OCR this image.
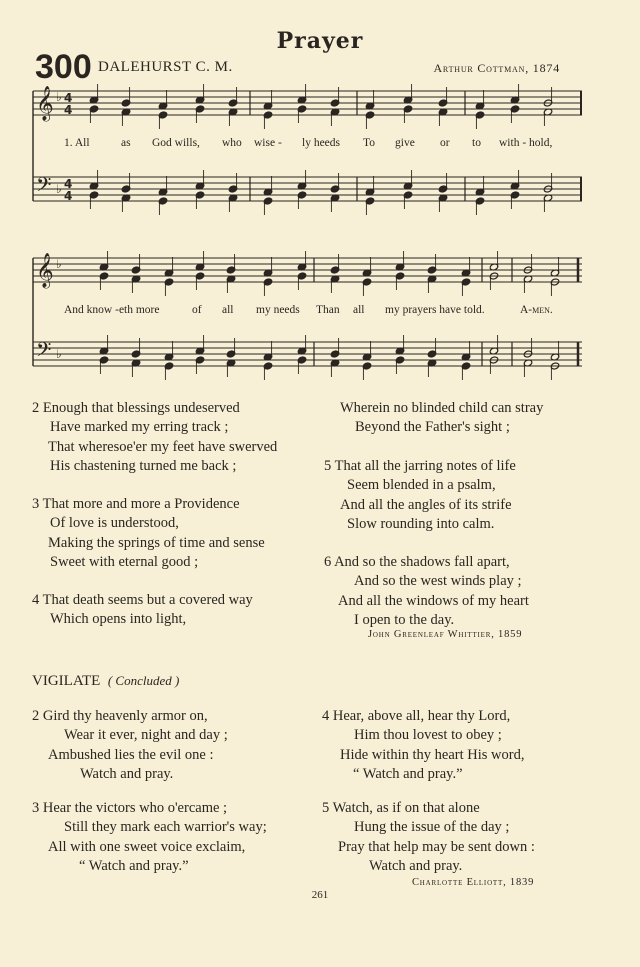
Prayer
300 DALEHURST C. M.	Arthur Cottman, 1874
𝄞
𝄢
♭
♭
4
4
4
4
𝄞
𝄢
♭
♭
1. All	as God wills, who wise - ly heeds To give or to with - hold,
And know -eth more	of all my needs Than all my prayers have told.	A-men.
2 Enough that blessings undeserved
Have marked my erring track ;
That wheresoe'er my feet have swerved
His chastening turned me back ;
3 That more and more a Providence
Of love is understood,
Making the springs of time and sense
Sweet with eternal good ;
4 That death seems but a covered way
Which opens into light,
Wherein no blinded child can stray
Beyond the Father's sight ;
5 That all the jarring notes of life
Seem blended in a psalm,
And all the angles of its strife
Slow rounding into calm.
6 And so the shadows fall apart,
And so the west winds play ;
And all the windows of my heart
I open to the day.
John Greenleaf Whittier, 1859
VIGILATE ( Concluded )
2 Gird thy heavenly armor on,
Wear it ever, night and day ;
Ambushed lies the evil one :
Watch and pray.
3 Hear the victors who o'ercame ;
Still they mark each warrior's way;
All with one sweet voice exclaim,
“ Watch and pray.”
4 Hear, above all, hear thy Lord,
Him thou lovest to obey ;
Hide within thy heart His word,
“ Watch and pray.”
5 Watch, as if on that alone
Hung the issue of the day ;
Pray that help may be sent down :
Watch and pray.
Charlotte Elliott, 1839
261
